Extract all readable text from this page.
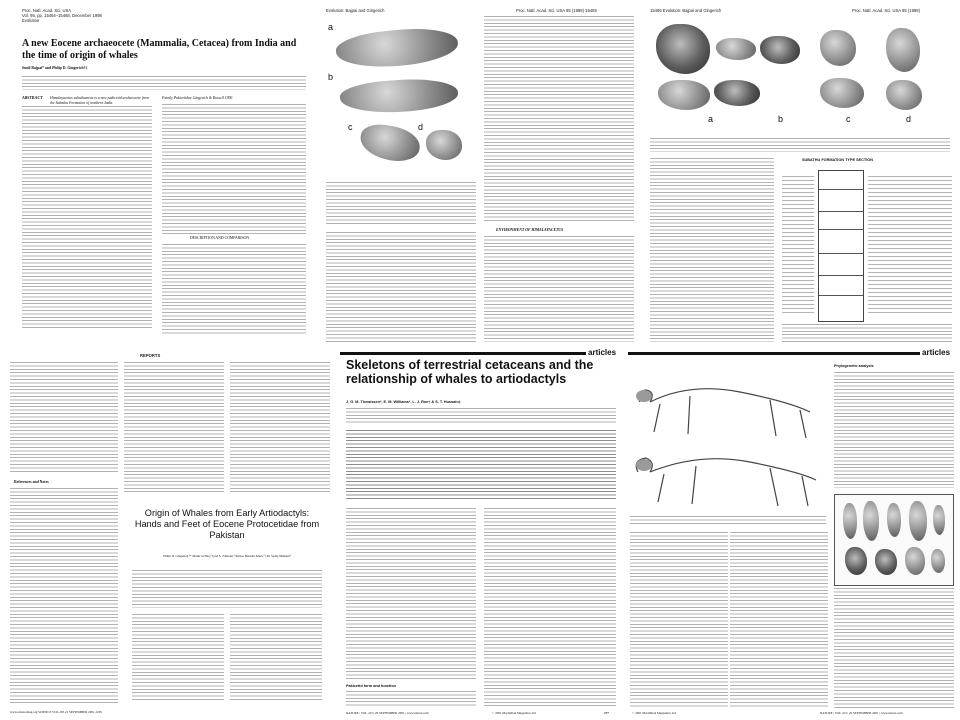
Proc. Natl. Acad. Sci. USA
Vol. 95, pp. 15464–15468, December 1998
Evolution
A new Eocene archaeocete (Mammalia, Cetacea) from India and the time of origin of whales
Sunil Bajpai* and Philip D. Gingerich†‡
ABSTRACT Himalayacetus subathuensis is a new pakicetid archaeocete from the Subathu Formation of northern India.
Family Pakicetidae Gingerich & Russell 1990
DESCRIPTION AND COMPARISON
Evolution: Bajpai and Gingerich	Proc. Natl. Acad. Sci. USA 95 (1998) 15465
a
b
c	d
ENVIRONMENT OF HIMALAYACETUS
15466 Evolution: Bajpai and Gingerich	Proc. Natl. Acad. Sci. USA 95 (1998)
a	b	c	d
SUBATHU FORMATION TYPE SECTION
REPORTS
References and Notes
Origin of Whales from Early Artiodactyls: Hands and Feet of Eocene Protocetidae from Pakistan
Philip D. Gingerich,¹* Munir ul Haq,² Iyad S. Zalmout,¹ Intizar Hussain Khan,²† M. Sadiq Malkani²
www.sciencemag.org SCIENCE VOL 293 21 SEPTEMBER 2001 2239
articles
Skeletons of terrestrial cetaceans and the relationship of whales to artiodactyls
J. G. M. Thewissen*, E. M. Williams*, L. J. Roe† & S. T. Hussain‡
Pakicetid form and function
NATURE | VOL 413 | 20 SEPTEMBER 2001 | www.nature.com	© 2001 Macmillan Magazines Ltd	277
articles
Phylogenetic analysis
© 2001 Macmillan Magazines Ltd	NATURE | VOL 413 | 20 SEPTEMBER 2001 | www.nature.com
